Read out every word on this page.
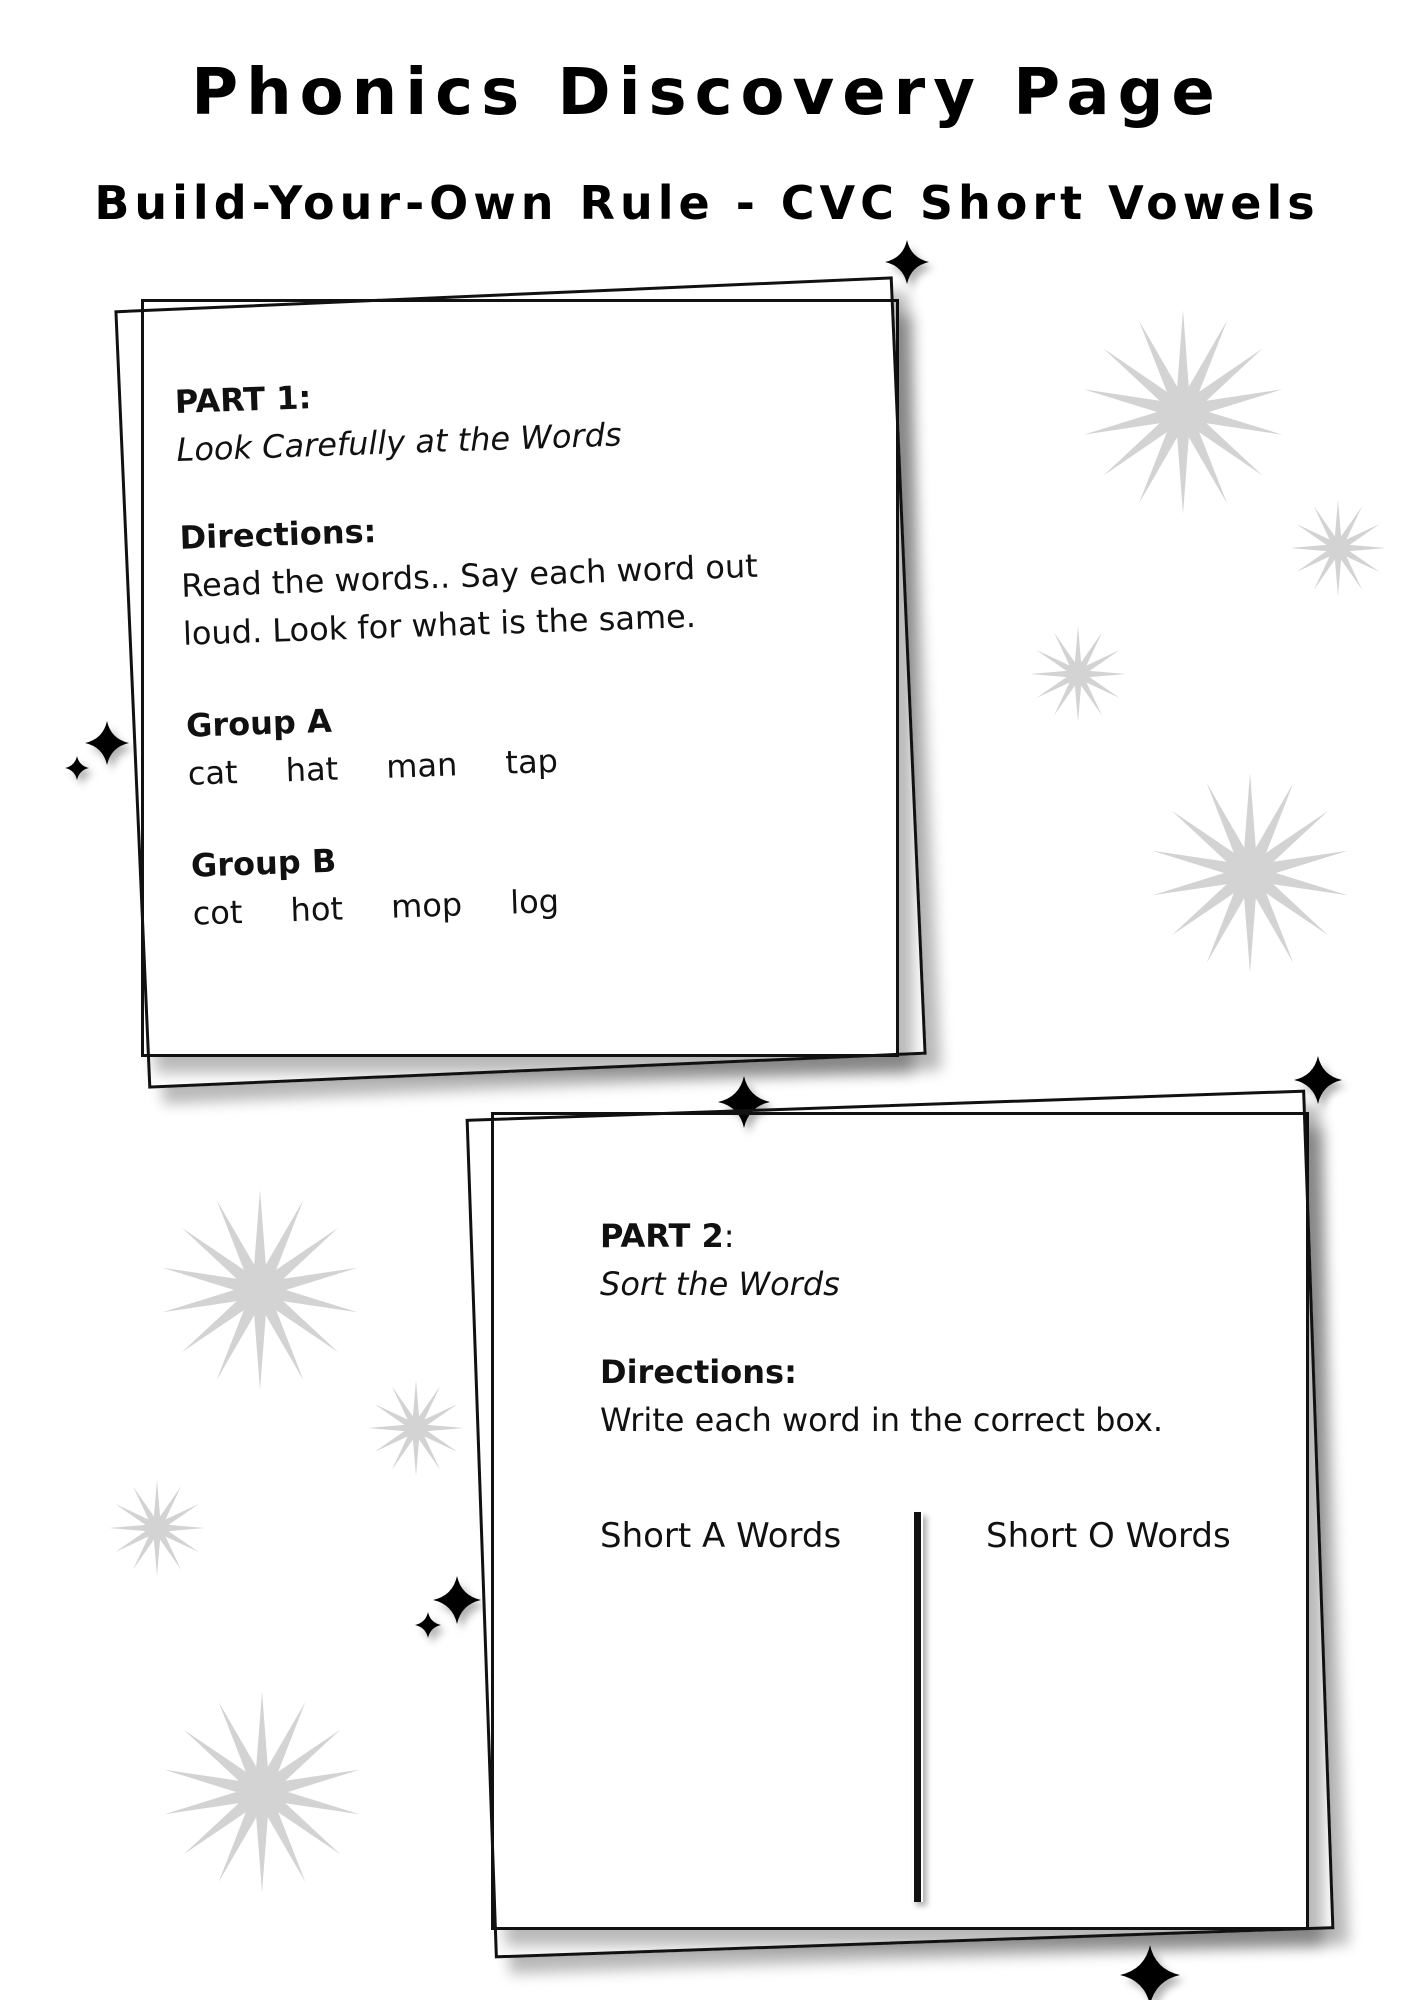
Phonics Discovery Page
Build-Your-Own Rule - CVC Short Vowels
PART 1:
Look Carefully at the Words
Directions:
Read the words.. Say each word out loud. Look for what is the same.
Group A
cat hat man tap
Group B
cot hot mop log
PART 2:
Sort the Words
Directions:
Write each word in the correct box.
Short A Words	Short O Words
